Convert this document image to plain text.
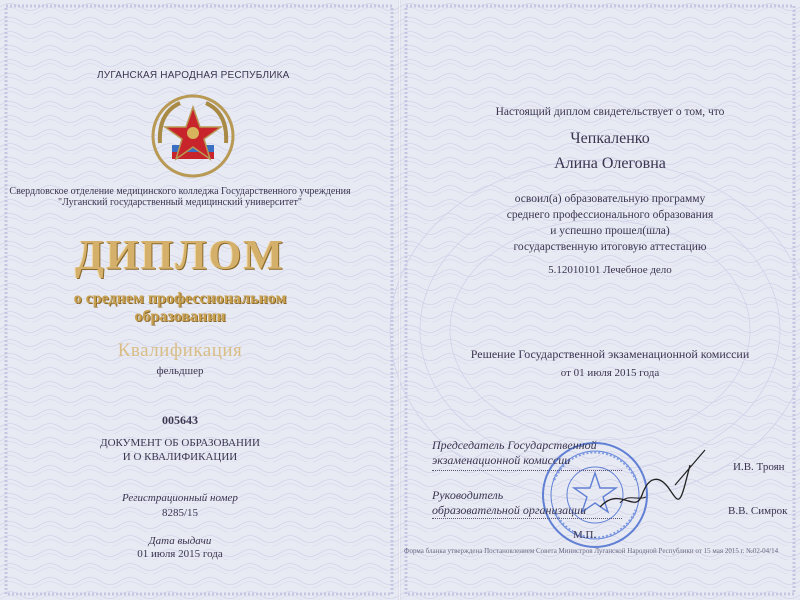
ЛУГАНСКАЯ НАРОДНАЯ РЕСПУБЛИКА
Свердловское отделение медицинского колледжа Государственного учреждения
"Луганский государственный медицинский университет"
ДИПЛОМ
о среднем профессиональном
образовании
Квалификация
фельдшер
005643
ДОКУМЕНТ ОБ ОБРАЗОВАНИИ
И О КВАЛИФИКАЦИИ
Регистрационный номер
8285/15
Дата выдачи
01 июля 2015 года
Настоящий диплом свидетельствует о том, что
Чепкаленко
Алина Олеговна
освоил(а) образовательную программу
среднего профессионального образования
и успешно прошел(шла)
государственную итоговую аттестацию
5.12010101 Лечебное дело
Решение Государственной экзаменационной комиссии
от 01 июля 2015 года
Председатель Государственной
экзаменационной комиссии	И.В. Троян
Руководитель
образовательной организации	В.В. Симрок
М.П.
Форма бланка утверждена Постановлением Совета Министров Луганской Народной Республики от 15 мая 2015 г. №02-04/14
